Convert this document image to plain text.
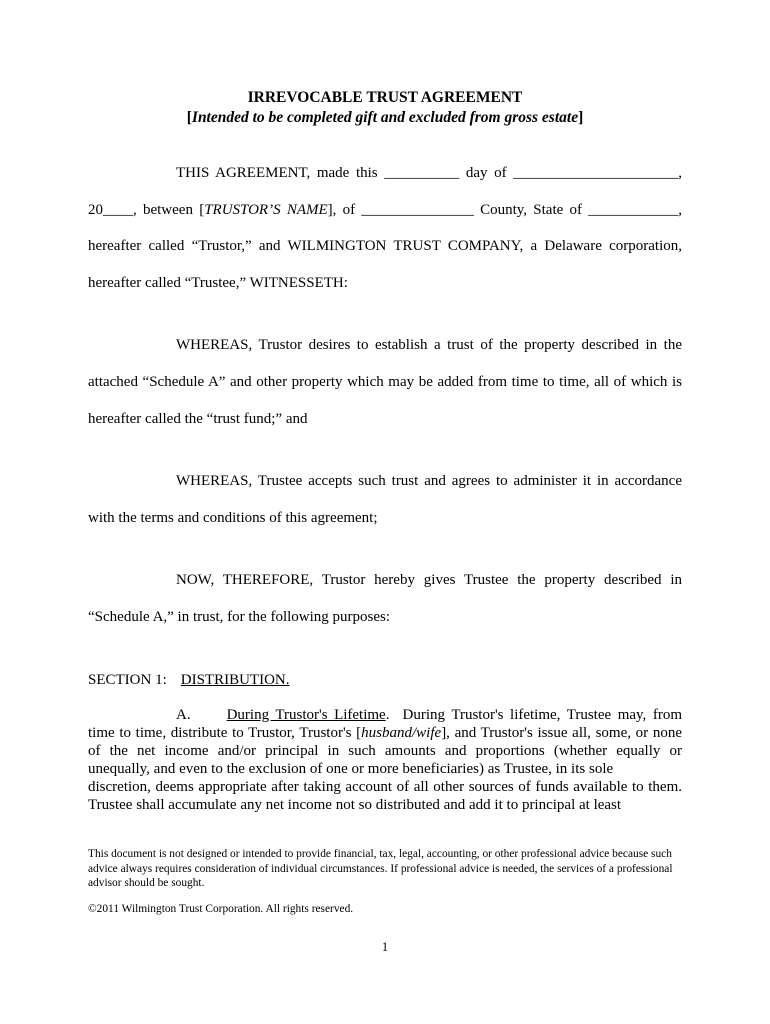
IRREVOCABLE TRUST AGREEMENT
[Intended to be completed gift and excluded from gross estate]
THIS AGREEMENT, made this __________ day of ______________________,
20____, between [TRUSTOR’S NAME], of _______________ County, State of ____________,
hereafter called “Trustor,” and WILMINGTON TRUST COMPANY, a Delaware corporation,
hereafter called “Trustee,” WITNESSETH:
WHEREAS, Trustor desires to establish a trust of the property described in the
attached “Schedule A” and other property which may be added from time to time, all of which is
hereafter called the “trust fund;” and
WHEREAS, Trustee accepts such trust and agrees to administer it in accordance
with the terms and conditions of this agreement;
NOW, THEREFORE, Trustor hereby gives Trustee the property described in
“Schedule A,” in trust, for the following purposes:
SECTION 1: DISTRIBUTION.
A. During Trustor's Lifetime.  During Trustor's lifetime, Trustee may, from
time to time, distribute to Trustor, Trustor's [husband/wife], and Trustor's issue all, some, or none
of the net income and/or principal in such amounts and proportions (whether equally or
unequally, and even to the exclusion of one or more beneficiaries) as Trustee, in its sole
discretion, deems appropriate after taking account of all other sources of funds available to them.
Trustee shall accumulate any net income not so distributed and add it to principal at least
This document is not designed or intended to provide financial, tax, legal, accounting, or other professional advice because such advice always requires consideration of individual circumstances. If professional advice is needed, the services of a professional advisor should be sought.
©2011 Wilmington Trust Corporation. All rights reserved.
1
